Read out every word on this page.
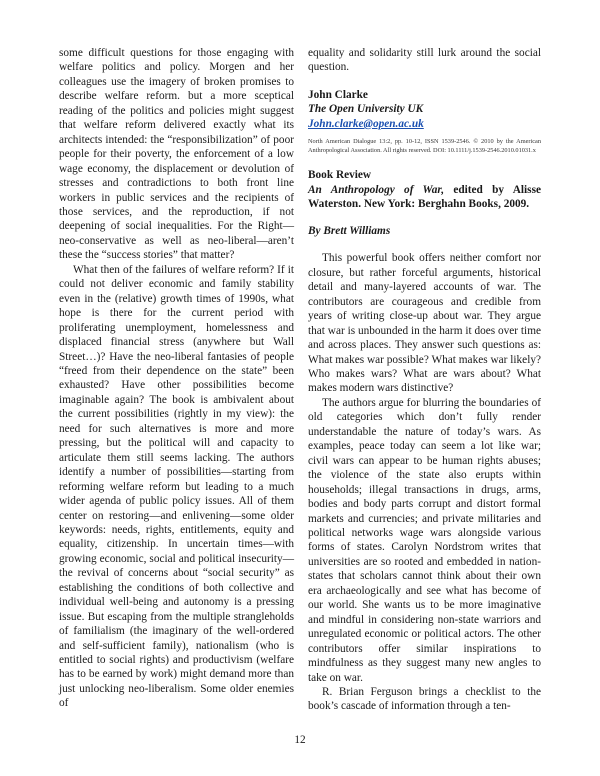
some difficult questions for those engaging with welfare politics and policy. Morgen and her colleagues use the imagery of broken promises to describe welfare reform. but a more sceptical reading of the politics and policies might suggest that welfare reform delivered exactly what its architects intended: the “responsibilization” of poor people for their poverty, the enforcement of a low wage economy, the displacement or devolution of stresses and contradictions to both front line workers in public services and the recipients of those services, and the reproduction, if not deepening of social inequalities. For the Right—neo-conservative as well as neo-liberal—aren’t these the “success stories” that matter?

What then of the failures of welfare reform? If it could not deliver economic and family stability even in the (relative) growth times of 1990s, what hope is there for the current period with proliferating unemployment, homelessness and displaced financial stress (anywhere but Wall Street…)? Have the neo-liberal fantasies of people “freed from their dependence on the state” been exhausted? Have other possibilities become imaginable again? The book is ambivalent about the current possibilities (rightly in my view): the need for such alternatives is more and more pressing, but the political will and capacity to articulate them still seems lacking. The authors identify a number of possibilities—starting from reforming welfare reform but leading to a much wider agenda of public policy issues. All of them center on restoring—and enlivening—some older keywords: needs, rights, entitlements, equity and equality, citizenship. In uncertain times—with growing economic, social and political insecurity—the revival of concerns about “social security” as establishing the conditions of both collective and individual well-being and autonomy is a pressing issue. But escaping from the multiple strangleholds of familialism (the imaginary of the well-ordered and self-sufficient family), nationalism (who is entitled to social rights) and productivism (welfare has to be earned by work) might demand more than just unlocking neo-liberalism. Some older enemies of

equality and solidarity still lurk around the social question.

John Clarke

The Open University UK

John.clarke@open.ac.uk

North American Dialogue 13:2, pp. 10-12, ISSN 1539-2546. © 2010 by the American Anthropological Association. All rights reserved. DOI: 10.1111/j.1539-2546.2010.01031.x

Book Review

An Anthropology of War, edited by Alisse Waterston. New York: Berghahn Books, 2009.

By Brett Williams

This powerful book offers neither comfort nor closure, but rather forceful arguments, historical detail and many-layered accounts of war. The contributors are courageous and credible from years of writing close-up about war. They argue that war is unbounded in the harm it does over time and across places. They answer such questions as: What makes war possible? What makes war likely? Who makes wars? What are wars about? What makes modern wars distinctive?

The authors argue for blurring the boundaries of old categories which don’t fully render understandable the nature of today’s wars. As examples, peace today can seem a lot like war; civil wars can appear to be human rights abuses; the violence of the state also erupts within households; illegal transactions in drugs, arms, bodies and body parts corrupt and distort formal markets and currencies; and private militaries and political networks wage wars alongside various forms of states. Carolyn Nordstrom writes that universities are so rooted and embedded in nation-states that scholars cannot think about their own era archaeologically and see what has become of our world. She wants us to be more imaginative and mindful in considering non-state warriors and unregulated economic or political actors. The other contributors offer similar inspirations to mindfulness as they suggest many new angles to take on war.

R. Brian Ferguson brings a checklist to the book’s cascade of information through a ten-

12
